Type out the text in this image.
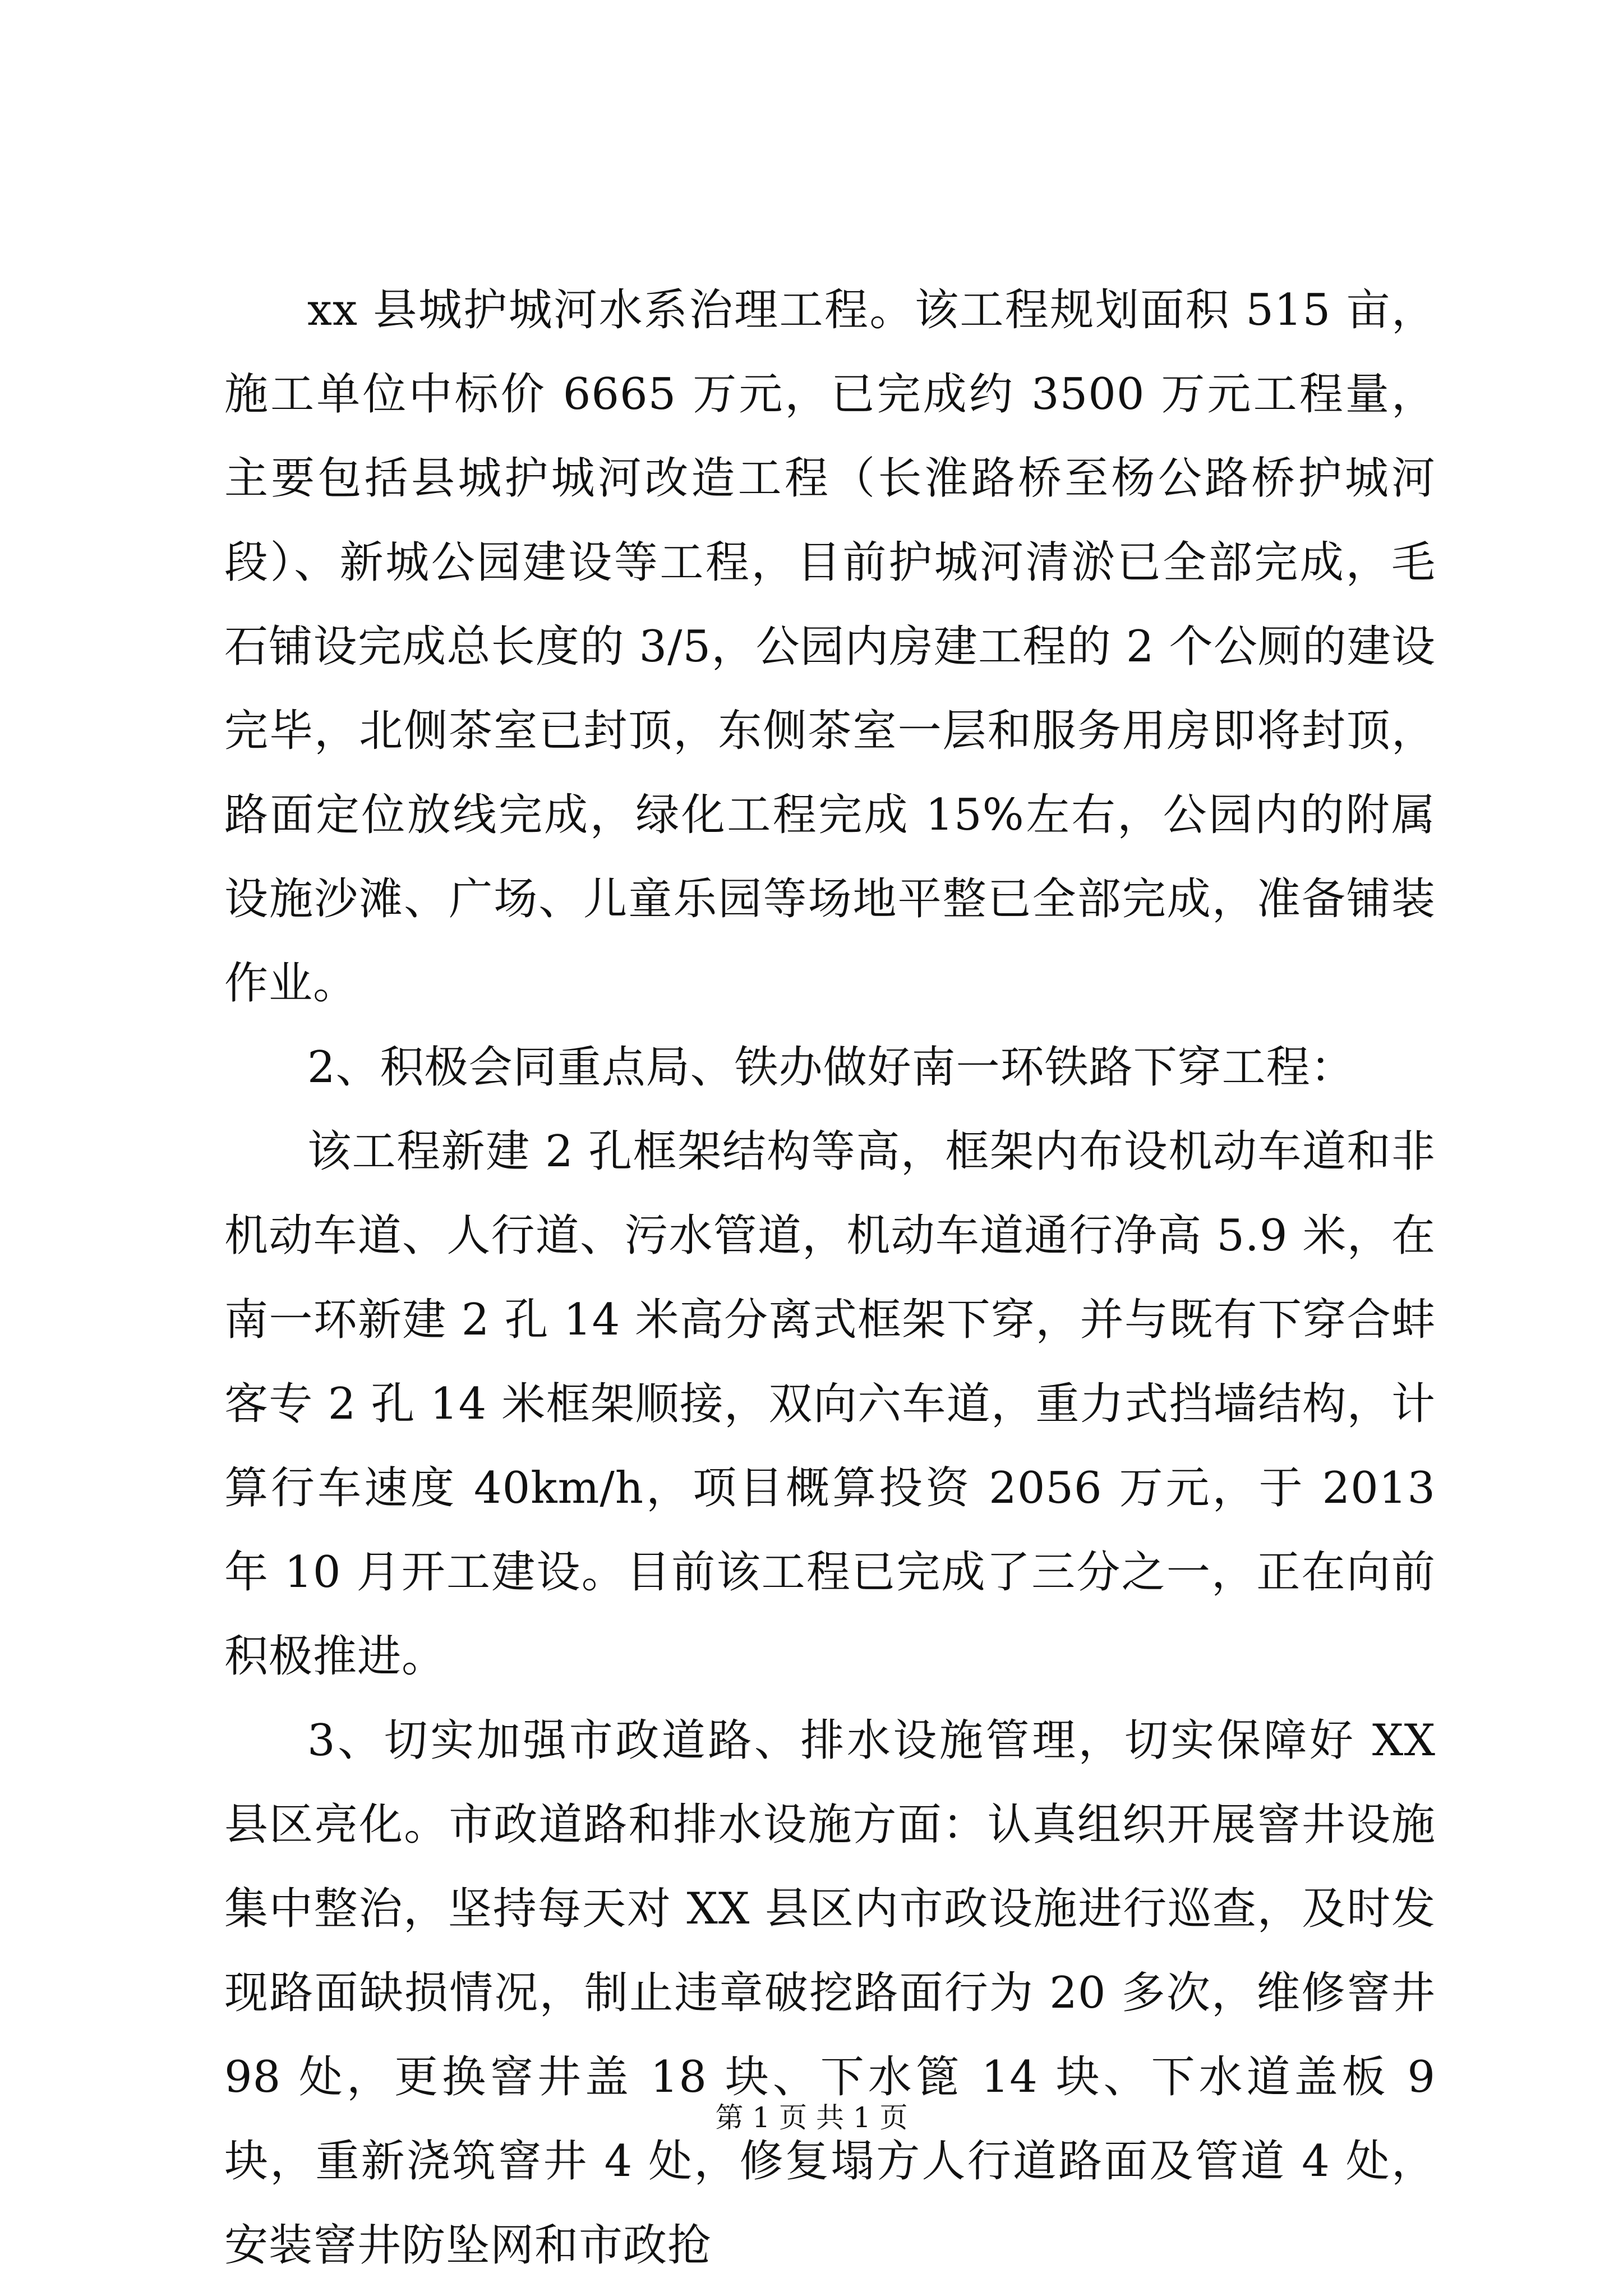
xx 县城护城河水系治理工程。该工程规划面积 515 亩，施工单位中标价 6665 万元，已完成约 3500 万元工程量，主要包括县城护城河改造工程（长淮路桥至杨公路桥护城河段）、新城公园建设等工程，目前护城河清淤已全部完成，毛石铺设完成总长度的 3/5，公园内房建工程的 2 个公厕的建设完毕，北侧茶室已封顶，东侧茶室一层和服务用房即将封顶，路面定位放线完成，绿化工程完成 15%左右，公园内的附属设施沙滩、广场、儿童乐园等场地平整已全部完成，准备铺装作业。

2、积极会同重点局、铁办做好南一环铁路下穿工程：

该工程新建 2 孔框架结构等高，框架内布设机动车道和非机动车道、人行道、污水管道，机动车道通行净高 5.9 米，在南一环新建 2 孔 14 米高分离式框架下穿，并与既有下穿合蚌客专 2 孔 14 米框架顺接，双向六车道，重力式挡墙结构，计算行车速度 40km/h，项目概算投资 2056 万元，于 2013 年 10 月开工建设。目前该工程已完成了三分之一，正在向前积极推进。

3、切实加强市政道路、排水设施管理，切实保障好 XX 县区亮化。市政道路和排水设施方面：认真组织开展窨井设施集中整治，坚持每天对 XX 县区内市政设施进行巡查，及时发现路面缺损情况，制止违章破挖路面行为 20 多次，维修窨井 98 处，更换窨井盖 18 块、下水篦 14 块、下水道盖板 9 块，重新浇筑窨井 4 处，修复塌方人行道路面及管道 4 处，安装窨井防坠网和市政抢

第 1 页 共 1 页
